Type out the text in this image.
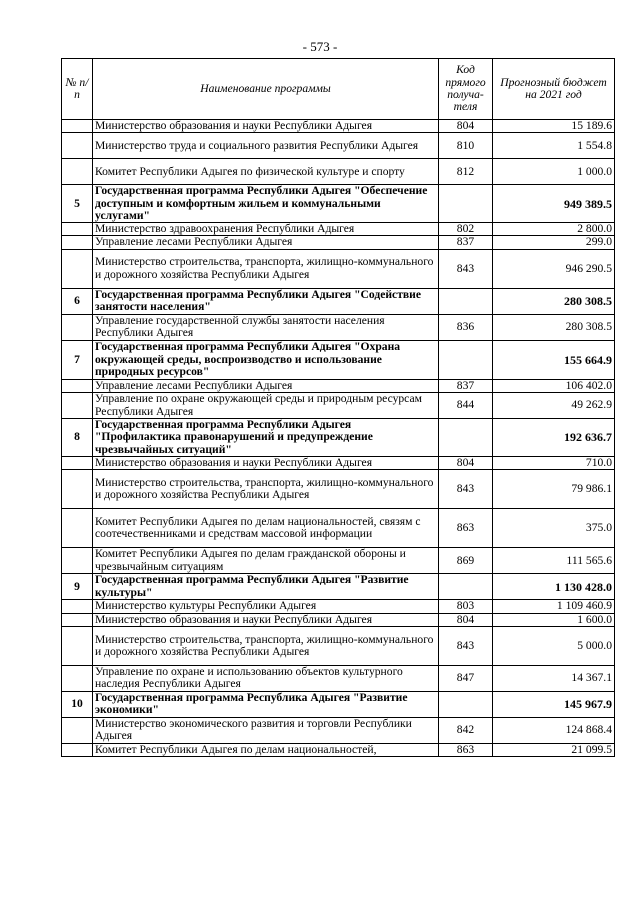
- 573 -
№ п/п	Наименование программы	Код прямого получа-теля	Прогнозный бюджет на 2021 год
	Министерство образования и науки Республики Адыгея	804	15 189.6
	Министерство труда и социального развития Республики Адыгея	810	1 554.8
	Комитет Республики Адыгея по физической культуре и спорту	812	1 000.0
5	Государственная программа Республики Адыгея "Обеспечение доступным и комфортным жильем и коммунальными услугами"		949 389.5
	Министерство здравоохранения Республики Адыгея	802	2 800.0
	Управление лесами Республики Адыгея	837	299.0
	Министерство строительства, транспорта, жилищно-коммунального и дорожного хозяйства Республики Адыгея	843	946 290.5
6	Государственная программа Республики Адыгея "Содействие занятости населения"		280 308.5
	Управление государственной службы занятости населения Республики Адыгея	836	280 308.5
7	Государственная программа Республики Адыгея "Охрана окружающей среды, воспроизводство и использование природных ресурсов"		155 664.9
	Управление лесами Республики Адыгея	837	106 402.0
	Управление по охране окружающей среды и природным ресурсам Республики Адыгея	844	49 262.9
8	Государственная программа Республики Адыгея "Профилактика правонарушений и предупреждение чрезвычайных ситуаций"		192 636.7
	Министерство образования и науки Республики Адыгея	804	710.0
	Министерство строительства, транспорта, жилищно-коммунального и дорожного хозяйства Республики Адыгея	843	79 986.1
	Комитет Республики Адыгея по делам национальностей, связям с соотечественниками и средствам массовой информации	863	375.0
	Комитет Республики Адыгея по делам гражданской обороны и чрезвычайным ситуациям	869	111 565.6
9	Государственная программа Республики Адыгея "Развитие культуры"		1 130 428.0
	Министерство культуры Республики Адыгея	803	1 109 460.9
	Министерство образования и науки Республики Адыгея	804	1 600.0
	Министерство строительства, транспорта, жилищно-коммунального и дорожного хозяйства Республики Адыгея	843	5 000.0
	Управление по охране и использованию объектов культурного наследия Республики Адыгея	847	14 367.1
10	Государственная программа Республика Адыгея "Развитие экономики"		145 967.9
	Министерство экономического развития и торговли Республики Адыгея	842	124 868.4
	Комитет Республики Адыгея по делам национальностей,	863	21 099.5
